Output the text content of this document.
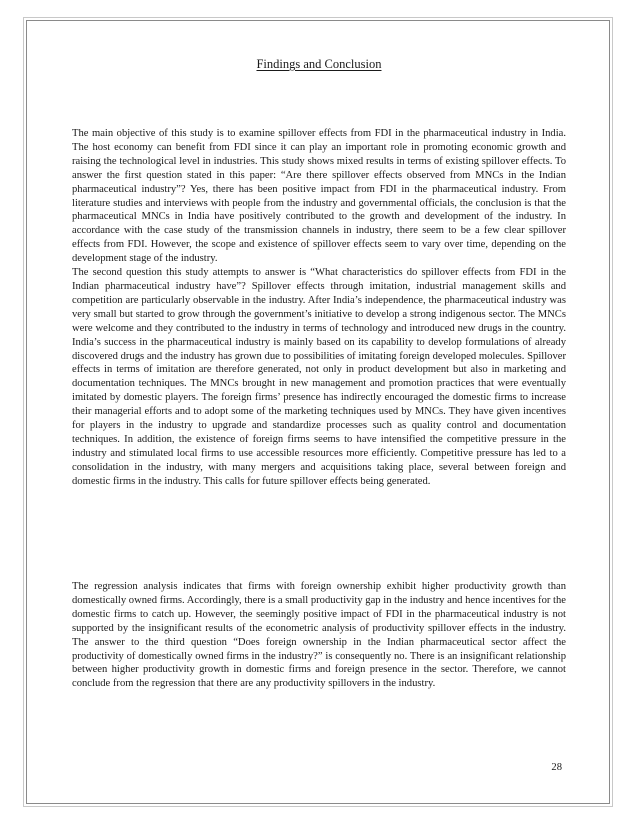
Findings and Conclusion

The main objective of this study is to examine spillover effects from FDI in the pharmaceutical industry in India. The host economy can benefit from FDI since it can play an important role in promoting economic growth and raising the technological level in industries. This study shows mixed results in terms of existing spillover effects. To answer the first question stated in this paper: “Are there spillover effects observed from MNCs in the Indian pharmaceutical industry”? Yes, there has been positive impact from FDI in the pharmaceutical industry. From literature studies and interviews with people from the industry and governmental officials, the conclusion is that the pharmaceutical MNCs in India have positively contributed to the growth and development of the industry. In accordance with the case study of the transmission channels in industry, there seem to be a few clear spillover effects from FDI. However, the scope and existence of spillover effects seem to vary over time, depending on the development stage of the industry.

The second question this study attempts to answer is “What characteristics do spillover effects from FDI in the Indian pharmaceutical industry have”? Spillover effects through imitation, industrial management skills and competition are particularly observable in the industry. After India’s independence, the pharmaceutical industry was very small but started to grow through the government’s initiative to develop a strong indigenous sector. The MNCs were welcome and they contributed to the industry in terms of technology and introduced new drugs in the country. India’s success in the pharmaceutical industry is mainly based on its capability to develop formulations of already discovered drugs and the industry has grown due to possibilities of imitating foreign developed molecules. Spillover effects in terms of imitation are therefore generated, not only in product development but also in marketing and documentation techniques. The MNCs brought in new management and promotion practices that were eventually imitated by domestic players. The foreign firms’ presence has indirectly encouraged the domestic firms to increase their managerial efforts and to adopt some of the marketing techniques used by MNCs. They have given incentives for players in the industry to upgrade and standardize processes such as quality control and documentation techniques. In addition, the existence of foreign firms seems to have intensified the competitive pressure in the industry and stimulated local firms to use accessible resources more efficiently. Competitive pressure has led to a consolidation in the industry, with many mergers and acquisitions taking place, several between foreign and domestic firms in the industry. This calls for future spillover effects being generated.

The regression analysis indicates that firms with foreign ownership exhibit higher productivity growth than domestically owned firms. Accordingly, there is a small productivity gap in the industry and hence incentives for the domestic firms to catch up. However, the seemingly positive impact of FDI in the pharmaceutical industry is not supported by the insignificant results of the econometric analysis of productivity spillover effects in the industry. The answer to the third question “Does foreign ownership in the Indian pharmaceutical sector affect the productivity of domestically owned firms in the industry?” is consequently no. There is an insignificant relationship between higher productivity growth in domestic firms and foreign presence in the sector. Therefore, we cannot conclude from the regression that there are any productivity spillovers in the industry.

28
